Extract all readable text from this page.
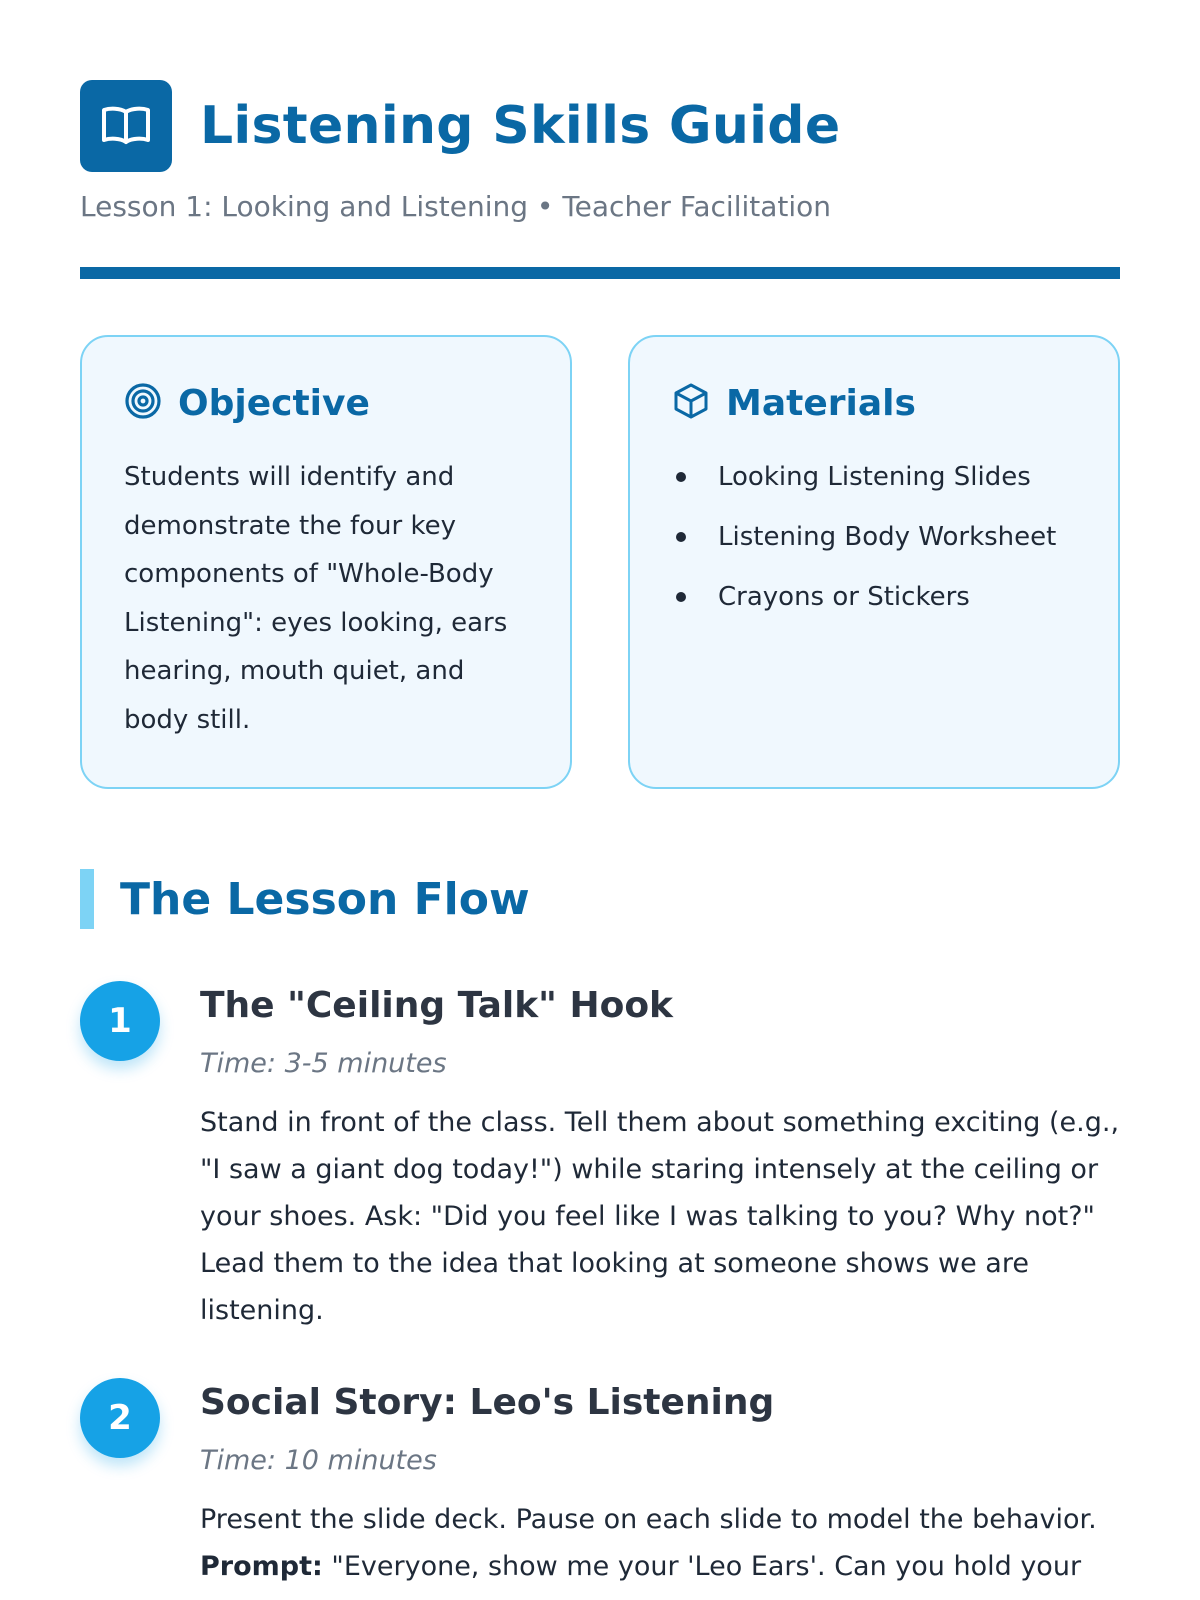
Listening Skills Guide
Lesson 1: Looking and Listening • Teacher Facilitation
Objective
Students will identify and demonstrate the four key components of "Whole-Body Listening": eyes looking, ears hearing, mouth quiet, and body still.
Materials
Looking Listening Slides
Listening Body Worksheet
Crayons or Stickers
The Lesson Flow
1	The "Ceiling Talk" Hook
Time: 3-5 minutes
Stand in front of the class. Tell them about something exciting (e.g., "I saw a giant dog today!") while staring intensely at the ceiling or your shoes. Ask: "Did you feel like I was talking to you? Why not?" Lead them to the idea that looking at someone shows we are listening.
2	Social Story: Leo's Listening
Time: 10 minutes
Present the slide deck. Pause on each slide to model the behavior.
Prompt: "Everyone, show me your 'Leo Ears'. Can you hold your
